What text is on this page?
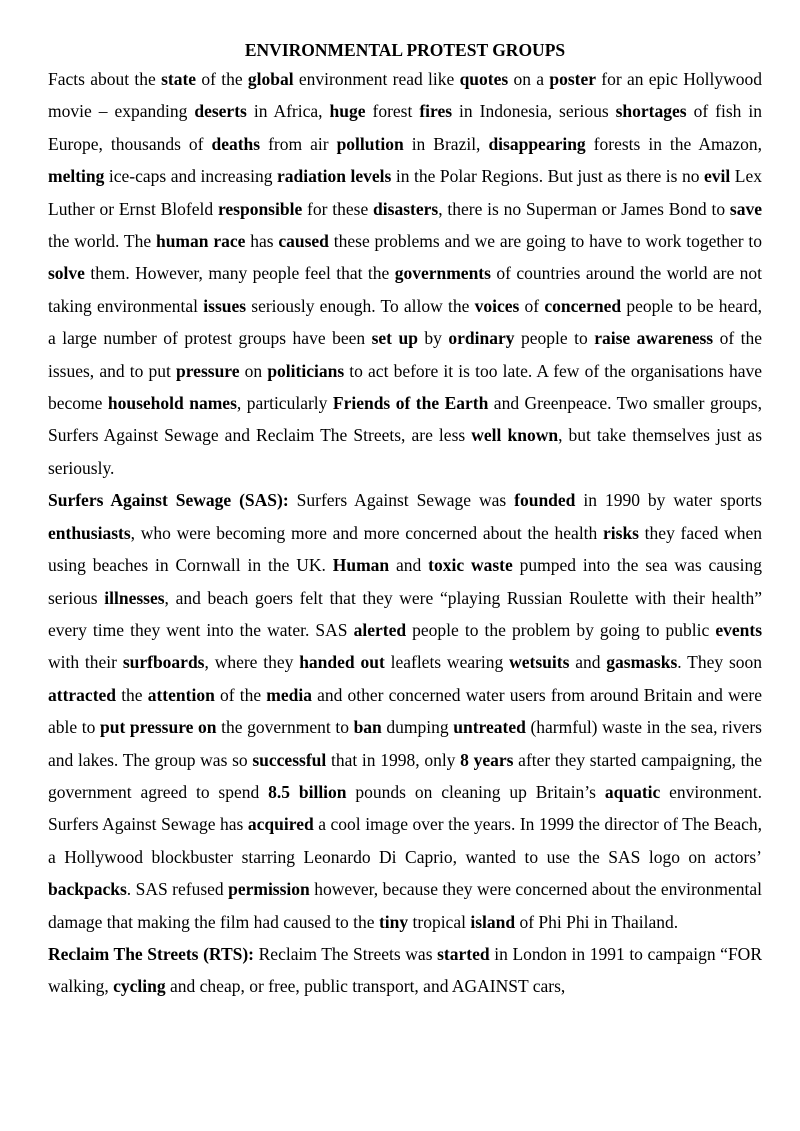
ENVIRONMENTAL PROTEST GROUPS

Facts about the state of the global environment read like quotes on a poster for an epic Hollywood movie – expanding deserts in Africa, huge forest fires in Indonesia, serious shortages of fish in Europe, thousands of deaths from air pollution in Brazil, disappearing forests in the Amazon, melting ice-caps and increasing radiation levels in the Polar Regions. But just as there is no evil Lex Luther or Ernst Blofeld responsible for these disasters, there is no Superman or James Bond to save the world. The human race has caused these problems and we are going to have to work together to solve them. However, many people feel that the governments of countries around the world are not taking environmental issues seriously enough. To allow the voices of concerned people to be heard, a large number of protest groups have been set up by ordinary people to raise awareness of the issues, and to put pressure on politicians to act before it is too late. A few of the organisations have become household names, particularly Friends of the Earth and Greenpeace. Two smaller groups, Surfers Against Sewage and Reclaim The Streets, are less well known, but take themselves just as seriously.

Surfers Against Sewage (SAS): Surfers Against Sewage was founded in 1990 by water sports enthusiasts, who were becoming more and more concerned about the health risks they faced when using beaches in Cornwall in the UK. Human and toxic waste pumped into the sea was causing serious illnesses, and beach goers felt that they were “playing Russian Roulette with their health” every time they went into the water. SAS alerted people to the problem by going to public events with their surfboards, where they handed out leaflets wearing wetsuits and gasmasks. They soon attracted the attention of the media and other concerned water users from around Britain and were able to put pressure on the government to ban dumping untreated (harmful) waste in the sea, rivers and lakes. The group was so successful that in 1998, only 8 years after they started campaigning, the government agreed to spend 8.5 billion pounds on cleaning up Britain’s aquatic environment. Surfers Against Sewage has acquired a cool image over the years. In 1999 the director of The Beach, a Hollywood blockbuster starring Leonardo Di Caprio, wanted to use the SAS logo on actors’ backpacks. SAS refused permission however, because they were concerned about the environmental damage that making the film had caused to the tiny tropical island of Phi Phi in Thailand.

Reclaim The Streets (RTS): Reclaim The Streets was started in London in 1991 to campaign “FOR walking, cycling and cheap, or free, public transport, and AGAINST cars,
